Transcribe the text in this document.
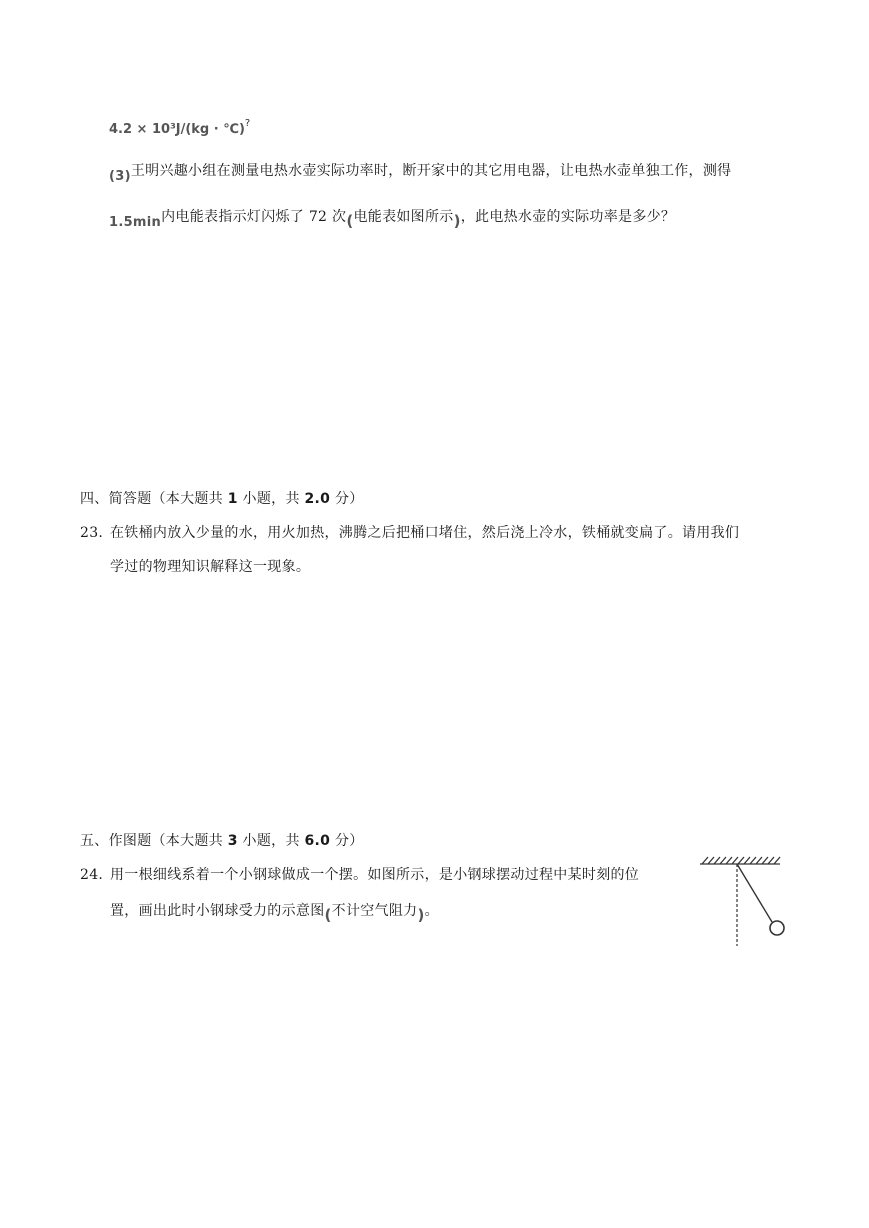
4.2 × 10³J/(kg · ℃)?
(3)王明兴趣小组在测量电热水壶实际功率时，断开家中的其它用电器，让电热水壶单独工作，测得
1.5min内电能表指示灯闪烁了 72 次(电能表如图所示)，此电热水壶的实际功率是多少？
四、简答题（本大题共 1 小题，共 2.0 分）
23. 在铁桶内放入少量的水，用火加热，沸腾之后把桶口堵住，然后浇上冷水，铁桶就变扁了。请用我们
学过的物理知识解释这一现象。
五、作图题（本大题共 3 小题，共 6.0 分）
24. 用一根细线系着一个小钢球做成一个摆。如图所示，是小钢球摆动过程中某时刻的位
置，画出此时小钢球受力的示意图(不计空气阻力)。
